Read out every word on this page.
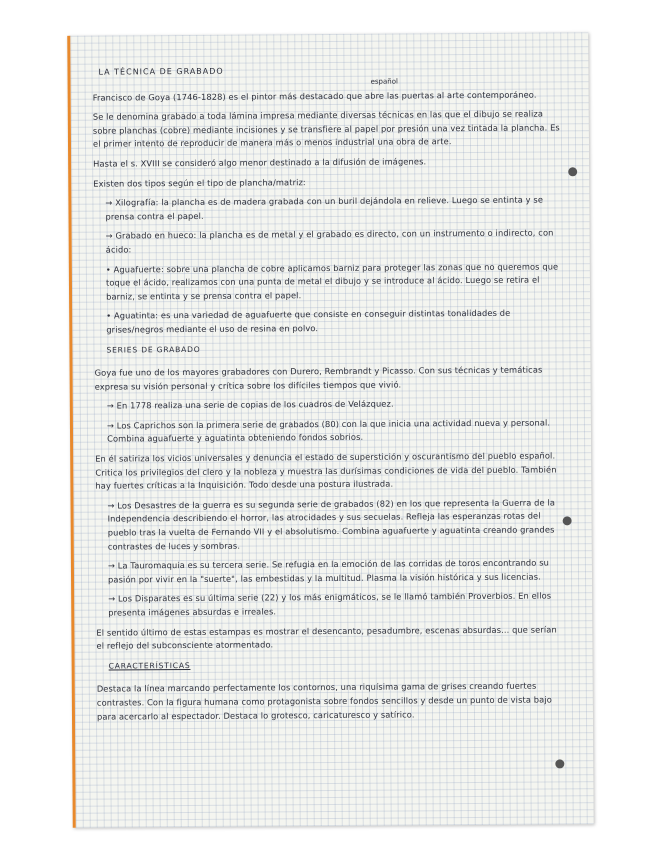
español

LA TÉCNICA DE GRABADO

Francisco de Goya (1746-1828) es el pintor más destacado que abre las puertas al arte contemporáneo.

Se le denomina grabado a toda lámina impresa mediante diversas técnicas en las que el dibujo se realiza sobre planchas (cobre) mediante incisiones y se transfiere al papel por presión una vez tintada la plancha. Es el primer intento de reproducir de manera más o menos industrial una obra de arte.

Hasta el s. XVIII se consideró algo menor destinado a la difusión de imágenes.

Existen dos tipos según el tipo de plancha/matriz:

→ Xilografía: la plancha es de madera grabada con un buril dejándola en relieve. Luego se entinta y se prensa contra el papel.

→ Grabado en hueco: la plancha es de metal y el grabado es directo, con un instrumento o indirecto, con ácido:

• Aguafuerte: sobre una plancha de cobre aplicamos barniz para proteger las zonas que no queremos que toque el ácido, realizamos con una punta de metal el dibujo y se introduce al ácido. Luego se retira el barniz, se entinta y se prensa contra el papel.

• Aguatinta: es una variedad de aguafuerte que consiste en conseguir distintas tonalidades de grises/negros mediante el uso de resina en polvo.

SERIES DE GRABADO

Goya fue uno de los mayores grabadores con Durero, Rembrandt y Picasso. Con sus técnicas y temáticas expresa su visión personal y crítica sobre los difíciles tiempos que vivió.

→ En 1778 realiza una serie de copias de los cuadros de Velázquez.

→ Los Caprichos son la primera serie de grabados (80) con la que inicia una actividad nueva y personal. Combina aguafuerte y aguatinta obteniendo fondos sobrios.

En él satiriza los vicios universales y denuncia el estado de superstición y oscurantismo del pueblo español. Critica los privilegios del clero y la nobleza y muestra las durísimas condiciones de vida del pueblo. También hay fuertes críticas a la Inquisición. Todo desde una postura ilustrada.

→ Los Desastres de la guerra es su segunda serie de grabados (82) en los que representa la Guerra de la Independencia describiendo el horror, las atrocidades y sus secuelas. Refleja las esperanzas rotas del pueblo tras la vuelta de Fernando VII y el absolutismo. Combina aguafuerte y aguatinta creando grandes contrastes de luces y sombras.

→ La Tauromaquia es su tercera serie. Se refugia en la emoción de las corridas de toros encontrando su pasión por vivir en la "suerte", las embestidas y la multitud. Plasma la visión histórica y sus licencias.

→ Los Disparates es su última serie (22) y los más enigmáticos, se le llamó también Proverbios. En ellos presenta imágenes absurdas e irreales.

El sentido último de estas estampas es mostrar el desencanto, pesadumbre, escenas absurdas... que serían el reflejo del subconsciente atormentado.

CARACTERÍSTICAS

Destaca la línea marcando perfectamente los contornos, una riquísima gama de grises creando fuertes contrastes. Con la figura humana como protagonista sobre fondos sencillos y desde un punto de vista bajo para acercarlo al espectador. Destaca lo grotesco, caricaturesco y satírico.
